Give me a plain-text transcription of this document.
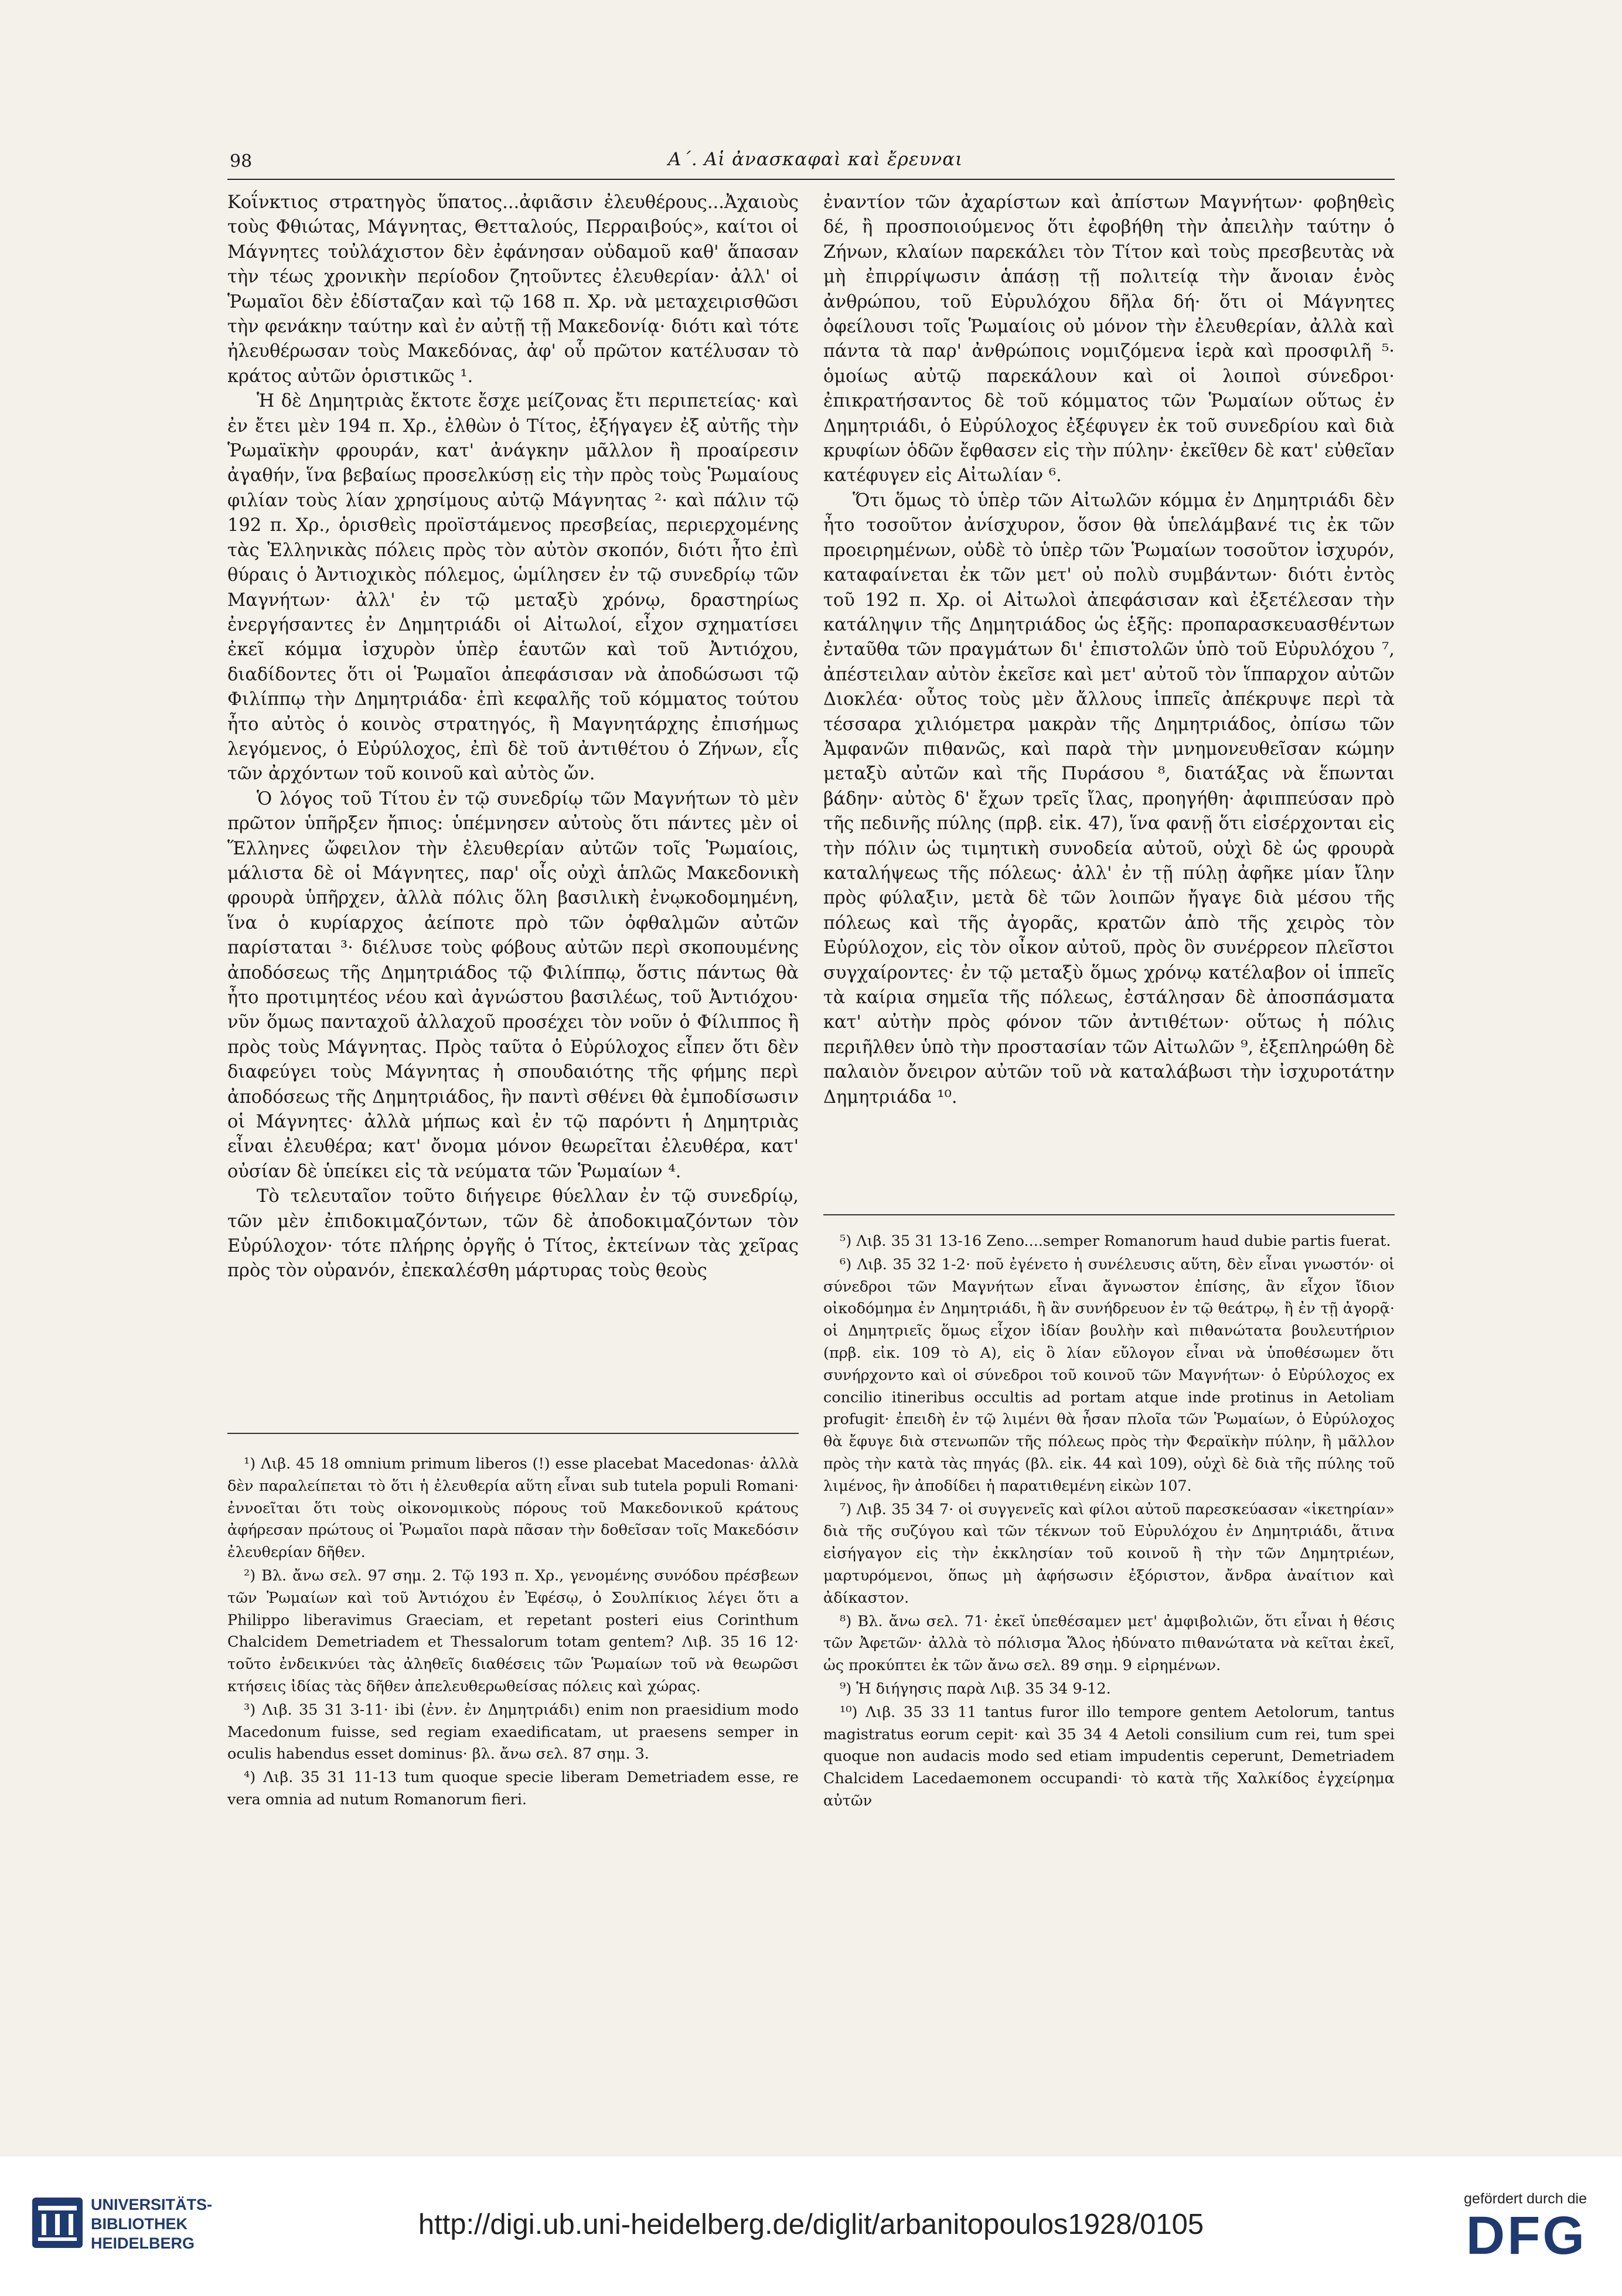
98	Α΄. Αἱ ἀνασκαφαὶ καὶ ἔρευναι

Κοΐνκτιος στρατηγὸς ὕπατος...ἀφιᾶσιν ἐλευθέρους...Ἀχαιοὺς τοὺς Φθιώτας, Μάγνητας, Θετταλούς, Περραιβούς», καίτοι οἱ Μάγνητες τοὐλάχιστον δὲν ἐφάνησαν οὐδαμοῦ καθ' ἅπασαν τὴν τέως χρονικὴν περίοδον ζητοῦντες ἐλευθερίαν· ἀλλ' οἱ Ῥωμαῖοι δὲν ἐδίσταζαν καὶ τῷ 168 π. Χρ. νὰ μεταχειρισθῶσι τὴν φενάκην ταύτην καὶ ἐν αὐτῇ τῇ Μακεδονίᾳ· διότι καὶ τότε ἠλευθέρωσαν τοὺς Μακεδόνας, ἀφ' οὗ πρῶτον κατέλυσαν τὸ κράτος αὐτῶν ὁριστικῶς ¹.

Ἡ δὲ Δημητριὰς ἔκτοτε ἔσχε μείζονας ἔτι περιπετείας· καὶ ἐν ἔτει μὲν 194 π. Χρ., ἐλθὼν ὁ Τίτος, ἐξήγαγεν ἐξ αὐτῆς τὴν Ῥωμαϊκὴν φρουράν, κατ' ἀνάγκην μᾶλλον ἢ προαίρεσιν ἀγαθήν, ἵνα βεβαίως προσελκύσῃ εἰς τὴν πρὸς τοὺς Ῥωμαίους φιλίαν τοὺς λίαν χρησίμους αὐτῷ Μάγνητας ²· καὶ πάλιν τῷ 192 π. Χρ., ὁρισθεὶς προϊστάμενος πρεσβείας, περιερχομένης τὰς Ἑλληνικὰς πόλεις πρὸς τὸν αὐτὸν σκοπόν, διότι ἦτο ἐπὶ θύραις ὁ Ἀντιοχικὸς πόλεμος, ὡμίλησεν ἐν τῷ συνεδρίῳ τῶν Μαγνήτων· ἀλλ' ἐν τῷ μεταξὺ χρόνῳ, δραστηρίως ἐνεργήσαντες ἐν Δημητριάδι οἱ Αἰτωλοί, εἶχον σχηματίσει ἐκεῖ κόμμα ἰσχυρὸν ὑπὲρ ἑαυτῶν καὶ τοῦ Ἀντιόχου, διαδίδοντες ὅτι οἱ Ῥωμαῖοι ἀπεφάσισαν νὰ ἀποδώσωσι τῷ Φιλίππῳ τὴν Δημητριάδα· ἐπὶ κεφαλῆς τοῦ κόμματος τούτου ἦτο αὐτὸς ὁ κοινὸς στρατηγός, ἢ Μαγνητάρχης ἐπισήμως λεγόμενος, ὁ Εὐρύλοχος, ἐπὶ δὲ τοῦ ἀντιθέτου ὁ Ζήνων, εἷς τῶν ἀρχόντων τοῦ κοινοῦ καὶ αὐτὸς ὤν.

Ὁ λόγος τοῦ Τίτου ἐν τῷ συνεδρίῳ τῶν Μαγνήτων τὸ μὲν πρῶτον ὑπῆρξεν ἤπιος: ὑπέμνησεν αὐτοὺς ὅτι πάντες μὲν οἱ Ἕλληνες ὤφειλον τὴν ἐλευθερίαν αὐτῶν τοῖς Ῥωμαίοις, μάλιστα δὲ οἱ Μάγνητες, παρ' οἷς οὐχὶ ἁπλῶς Μακεδονικὴ φρουρὰ ὑπῆρχεν, ἀλλὰ πόλις ὅλη βασιλικὴ ἐνῳκοδομημένη, ἵνα ὁ κυρίαρχος ἀείποτε πρὸ τῶν ὀφθαλμῶν αὐτῶν παρίσταται ³· διέλυσε τοὺς φόβους αὐτῶν περὶ σκοπουμένης ἀποδόσεως τῆς Δημητριάδος τῷ Φιλίππῳ, ὅστις πάντως θὰ ἦτο προτιμητέος νέου καὶ ἀγνώστου βασιλέως, τοῦ Ἀντιόχου· νῦν ὅμως πανταχοῦ ἀλλαχοῦ προσέχει τὸν νοῦν ὁ Φίλιππος ἢ πρὸς τοὺς Μάγνητας. Πρὸς ταῦτα ὁ Εὐρύλοχος εἶπεν ὅτι δὲν διαφεύγει τοὺς Μάγνητας ἡ σπουδαιότης τῆς φήμης περὶ ἀποδόσεως τῆς Δημητριάδος, ἣν παντὶ σθένει θὰ ἐμποδίσωσιν οἱ Μάγνητες· ἀλλὰ μήπως καὶ ἐν τῷ παρόντι ἡ Δημητριὰς εἶναι ἐλευθέρα; κατ' ὄνομα μόνον θεωρεῖται ἐλευθέρα, κατ' οὐσίαν δὲ ὑπείκει εἰς τὰ νεύματα τῶν Ῥωμαίων ⁴.

Τὸ τελευταῖον τοῦτο διήγειρε θύελλαν ἐν τῷ συνεδρίῳ, τῶν μὲν ἐπιδοκιμαζόντων, τῶν δὲ ἀποδοκιμαζόντων τὸν Εὐρύλοχον· τότε πλήρης ὀργῆς ὁ Τίτος, ἐκτείνων τὰς χεῖρας πρὸς τὸν οὐρανόν, ἐπεκαλέσθη μάρτυρας τοὺς θεοὺς

ἐναντίον τῶν ἀχαρίστων καὶ ἀπίστων Μαγνήτων· φοβηθεὶς δέ, ἢ προσποιούμενος ὅτι ἐφοβήθη τὴν ἀπειλὴν ταύτην ὁ Ζήνων, κλαίων παρεκάλει τὸν Τίτον καὶ τοὺς πρεσβευτὰς νὰ μὴ ἐπιρρίψωσιν ἁπάσῃ τῇ πολιτείᾳ τὴν ἄνοιαν ἑνὸς ἀνθρώπου, τοῦ Εὐρυλόχου δῆλα δή· ὅτι οἱ Μάγνητες ὀφείλουσι τοῖς Ῥωμαίοις οὐ μόνον τὴν ἐλευθερίαν, ἀλλὰ καὶ πάντα τὰ παρ' ἀνθρώποις νομιζόμενα ἱερὰ καὶ προσφιλῆ ⁵· ὁμοίως αὐτῷ παρεκάλουν καὶ οἱ λοιποὶ σύνεδροι· ἐπικρατήσαντος δὲ τοῦ κόμματος τῶν Ῥωμαίων οὕτως ἐν Δημητριάδι, ὁ Εὐρύλοχος ἐξέφυγεν ἐκ τοῦ συνεδρίου καὶ διὰ κρυφίων ὁδῶν ἔφθασεν εἰς τὴν πύλην· ἐκεῖθεν δὲ κατ' εὐθεῖαν κατέφυγεν εἰς Αἰτωλίαν ⁶.

Ὅτι ὅμως τὸ ὑπὲρ τῶν Αἰτωλῶν κόμμα ἐν Δημητριάδι δὲν ἦτο τοσοῦτον ἀνίσχυρον, ὅσον θὰ ὑπελάμβανέ τις ἐκ τῶν προειρημένων, οὐδὲ τὸ ὑπὲρ τῶν Ῥωμαίων τοσοῦτον ἰσχυρόν, καταφαίνεται ἐκ τῶν μετ' οὐ πολὺ συμβάντων· διότι ἐντὸς τοῦ 192 π. Χρ. οἱ Αἰτωλοὶ ἀπεφάσισαν καὶ ἐξετέλεσαν τὴν κατάληψιν τῆς Δημητριάδος ὡς ἑξῆς: προπαρασκευασθέντων ἐνταῦθα τῶν πραγμάτων δι' ἐπιστολῶν ὑπὸ τοῦ Εὐρυλόχου ⁷, ἀπέστειλαν αὐτὸν ἐκεῖσε καὶ μετ' αὐτοῦ τὸν ἵππαρχον αὐτῶν Διοκλέα· οὗτος τοὺς μὲν ἄλλους ἱππεῖς ἀπέκρυψε περὶ τὰ τέσσαρα χιλιόμετρα μακρὰν τῆς Δημητριάδος, ὀπίσω τῶν Ἀμφανῶν πιθανῶς, καὶ παρὰ τὴν μνημονευθεῖσαν κώμην μεταξὺ αὐτῶν καὶ τῆς Πυράσου ⁸, διατάξας νὰ ἕπωνται βάδην· αὐτὸς δ' ἔχων τρεῖς ἴλας, προηγήθη· ἀφιππεύσαν πρὸ τῆς πεδινῆς πύλης (πρβ. εἰκ. 47), ἵνα φανῇ ὅτι εἰσέρχονται εἰς τὴν πόλιν ὡς τιμητικὴ συνοδεία αὐτοῦ, οὐχὶ δὲ ὡς φρουρὰ καταλήψεως τῆς πόλεως· ἀλλ' ἐν τῇ πύλῃ ἀφῆκε μίαν ἴλην πρὸς φύλαξιν, μετὰ δὲ τῶν λοιπῶν ἤγαγε διὰ μέσου τῆς πόλεως καὶ τῆς ἀγορᾶς, κρατῶν ἀπὸ τῆς χειρὸς τὸν Εὐρύλοχον, εἰς τὸν οἶκον αὐτοῦ, πρὸς ὃν συνέρρεον πλεῖστοι συγχαίροντες· ἐν τῷ μεταξὺ ὅμως χρόνῳ κατέλαβον οἱ ἱππεῖς τὰ καίρια σημεῖα τῆς πόλεως, ἐστάλησαν δὲ ἀποσπάσματα κατ' αὐτὴν πρὸς φόνον τῶν ἀντιθέτων· οὕτως ἡ πόλις περιῆλθεν ὑπὸ τὴν προστασίαν τῶν Αἰτωλῶν ⁹, ἐξεπληρώθη δὲ παλαιὸν ὄνειρον αὐτῶν τοῦ νὰ καταλάβωσι τὴν ἰσχυροτάτην Δημητριάδα ¹⁰.

¹) Λιβ. 45 18 omnium primum liberos (!) esse placebat Macedonas· ἀλλὰ δὲν παραλείπεται τὸ ὅτι ἡ ἐλευθερία αὕτη εἶναι sub tutela populi Romani· ἐννοεῖται ὅτι τοὺς οἰκονομικοὺς πόρους τοῦ Μακεδονικοῦ κράτους ἀφήρεσαν πρώτους οἱ Ῥωμαῖοι παρὰ πᾶσαν τὴν δοθεῖσαν τοῖς Μακεδόσιν ἐλευθερίαν δῆθεν.

²) Βλ. ἄνω σελ. 97 σημ. 2. Τῷ 193 π. Χρ., γενομένης συνόδου πρέσβεων τῶν Ῥωμαίων καὶ τοῦ Ἀντιόχου ἐν Ἐφέσῳ, ὁ Σουλπίκιος λέγει ὅτι a Philippo liberavimus Graeciam, et repetant posteri eius Corinthum Chalcidem Demetriadem et Thessalorum totam gentem? Λιβ. 35 16 12· τοῦτο ἐνδεικνύει τὰς ἀληθεῖς διαθέσεις τῶν Ῥωμαίων τοῦ νὰ θεωρῶσι κτήσεις ἰδίας τὰς δῆθεν ἀπελευθερωθείσας πόλεις καὶ χώρας.

³) Λιβ. 35 31 3-11· ibi (ἐνν. ἐν Δημητριάδι) enim non praesidium modo Macedonum fuisse, sed regiam exaedificatam, ut praesens semper in oculis habendus esset dominus· βλ. ἄνω σελ. 87 σημ. 3.

⁴) Λιβ. 35 31 11-13 tum quoque specie liberam Demetriadem esse, re vera omnia ad nutum Romanorum fieri.

⁵) Λιβ. 35 31 13-16 Zeno....semper Romanorum haud dubie partis fuerat.

⁶) Λιβ. 35 32 1-2· ποῦ ἐγένετο ἡ συνέλευσις αὕτη, δὲν εἶναι γνωστόν· οἱ σύνεδροι τῶν Μαγνήτων εἶναι ἄγνωστον ἐπίσης, ἂν εἶχον ἴδιον οἰκοδόμημα ἐν Δημητριάδι, ἢ ἂν συνήδρευον ἐν τῷ θεάτρῳ, ἢ ἐν τῇ ἀγορᾷ· οἱ Δημητριεῖς ὅμως εἶχον ἰδίαν βουλὴν καὶ πιθανώτατα βουλευτήριον (πρβ. εἰκ. 109 τὸ Α), εἰς ὃ λίαν εὔλογον εἶναι νὰ ὑποθέσωμεν ὅτι συνήρχοντο καὶ οἱ σύνεδροι τοῦ κοινοῦ τῶν Μαγνήτων· ὁ Εὐρύλοχος ex concilio itineribus occultis ad portam atque inde protinus in Aetoliam profugit· ἐπειδὴ ἐν τῷ λιμένι θὰ ἦσαν πλοῖα τῶν Ῥωμαίων, ὁ Εὐρύλοχος θὰ ἔφυγε διὰ στενωπῶν τῆς πόλεως πρὸς τὴν Φεραϊκὴν πύλην, ἢ μᾶλλον πρὸς τὴν κατὰ τὰς πηγάς (βλ. εἰκ. 44 καὶ 109), οὐχὶ δὲ διὰ τῆς πύλης τοῦ λιμένος, ἣν ἀποδίδει ἡ παρατιθεμένη εἰκὼν 107.

⁷) Λιβ. 35 34 7· οἱ συγγενεῖς καὶ φίλοι αὐτοῦ παρεσκεύασαν «ἱκετηρίαν» διὰ τῆς συζύγου καὶ τῶν τέκνων τοῦ Εὐρυλόχου ἐν Δημητριάδι, ἅτινα εἰσήγαγον εἰς τὴν ἐκκλησίαν τοῦ κοινοῦ ἢ τὴν τῶν Δημητριέων, μαρτυρόμενοι, ὅπως μὴ ἀφήσωσιν ἐξόριστον, ἄνδρα ἀναίτιον καὶ ἀδίκαστον.

⁸) Βλ. ἄνω σελ. 71· ἐκεῖ ὑπεθέσαμεν μετ' ἀμφιβολιῶν, ὅτι εἶναι ἡ θέσις τῶν Ἀφετῶν· ἀλλὰ τὸ πόλισμα Ἅλος ἠδύνατο πιθανώτατα νὰ κεῖται ἐκεῖ, ὡς προκύπτει ἐκ τῶν ἄνω σελ. 89 σημ. 9 εἰρημένων.

⁹) Ἡ διήγησις παρὰ Λιβ. 35 34 9-12.

¹⁰) Λιβ. 35 33 11 tantus furor illo tempore gentem Aetolorum, tantus magistratus eorum cepit· καὶ 35 34 4 Aetoli consilium cum rei, tum spei quoque non audacis modo sed etiam impudentis ceperunt, Demetriadem Chalcidem Lacedaemonem occupandi· τὸ κατὰ τῆς Χαλκίδος ἐγχείρημα αὐτῶν

UNIVERSITÄTS-
BIBLIOTHEK
HEIDELBERG
http://digi.ub.uni-heidelberg.de/diglit/arbanitopoulos1928/0105
gefördert durch die
DFG
